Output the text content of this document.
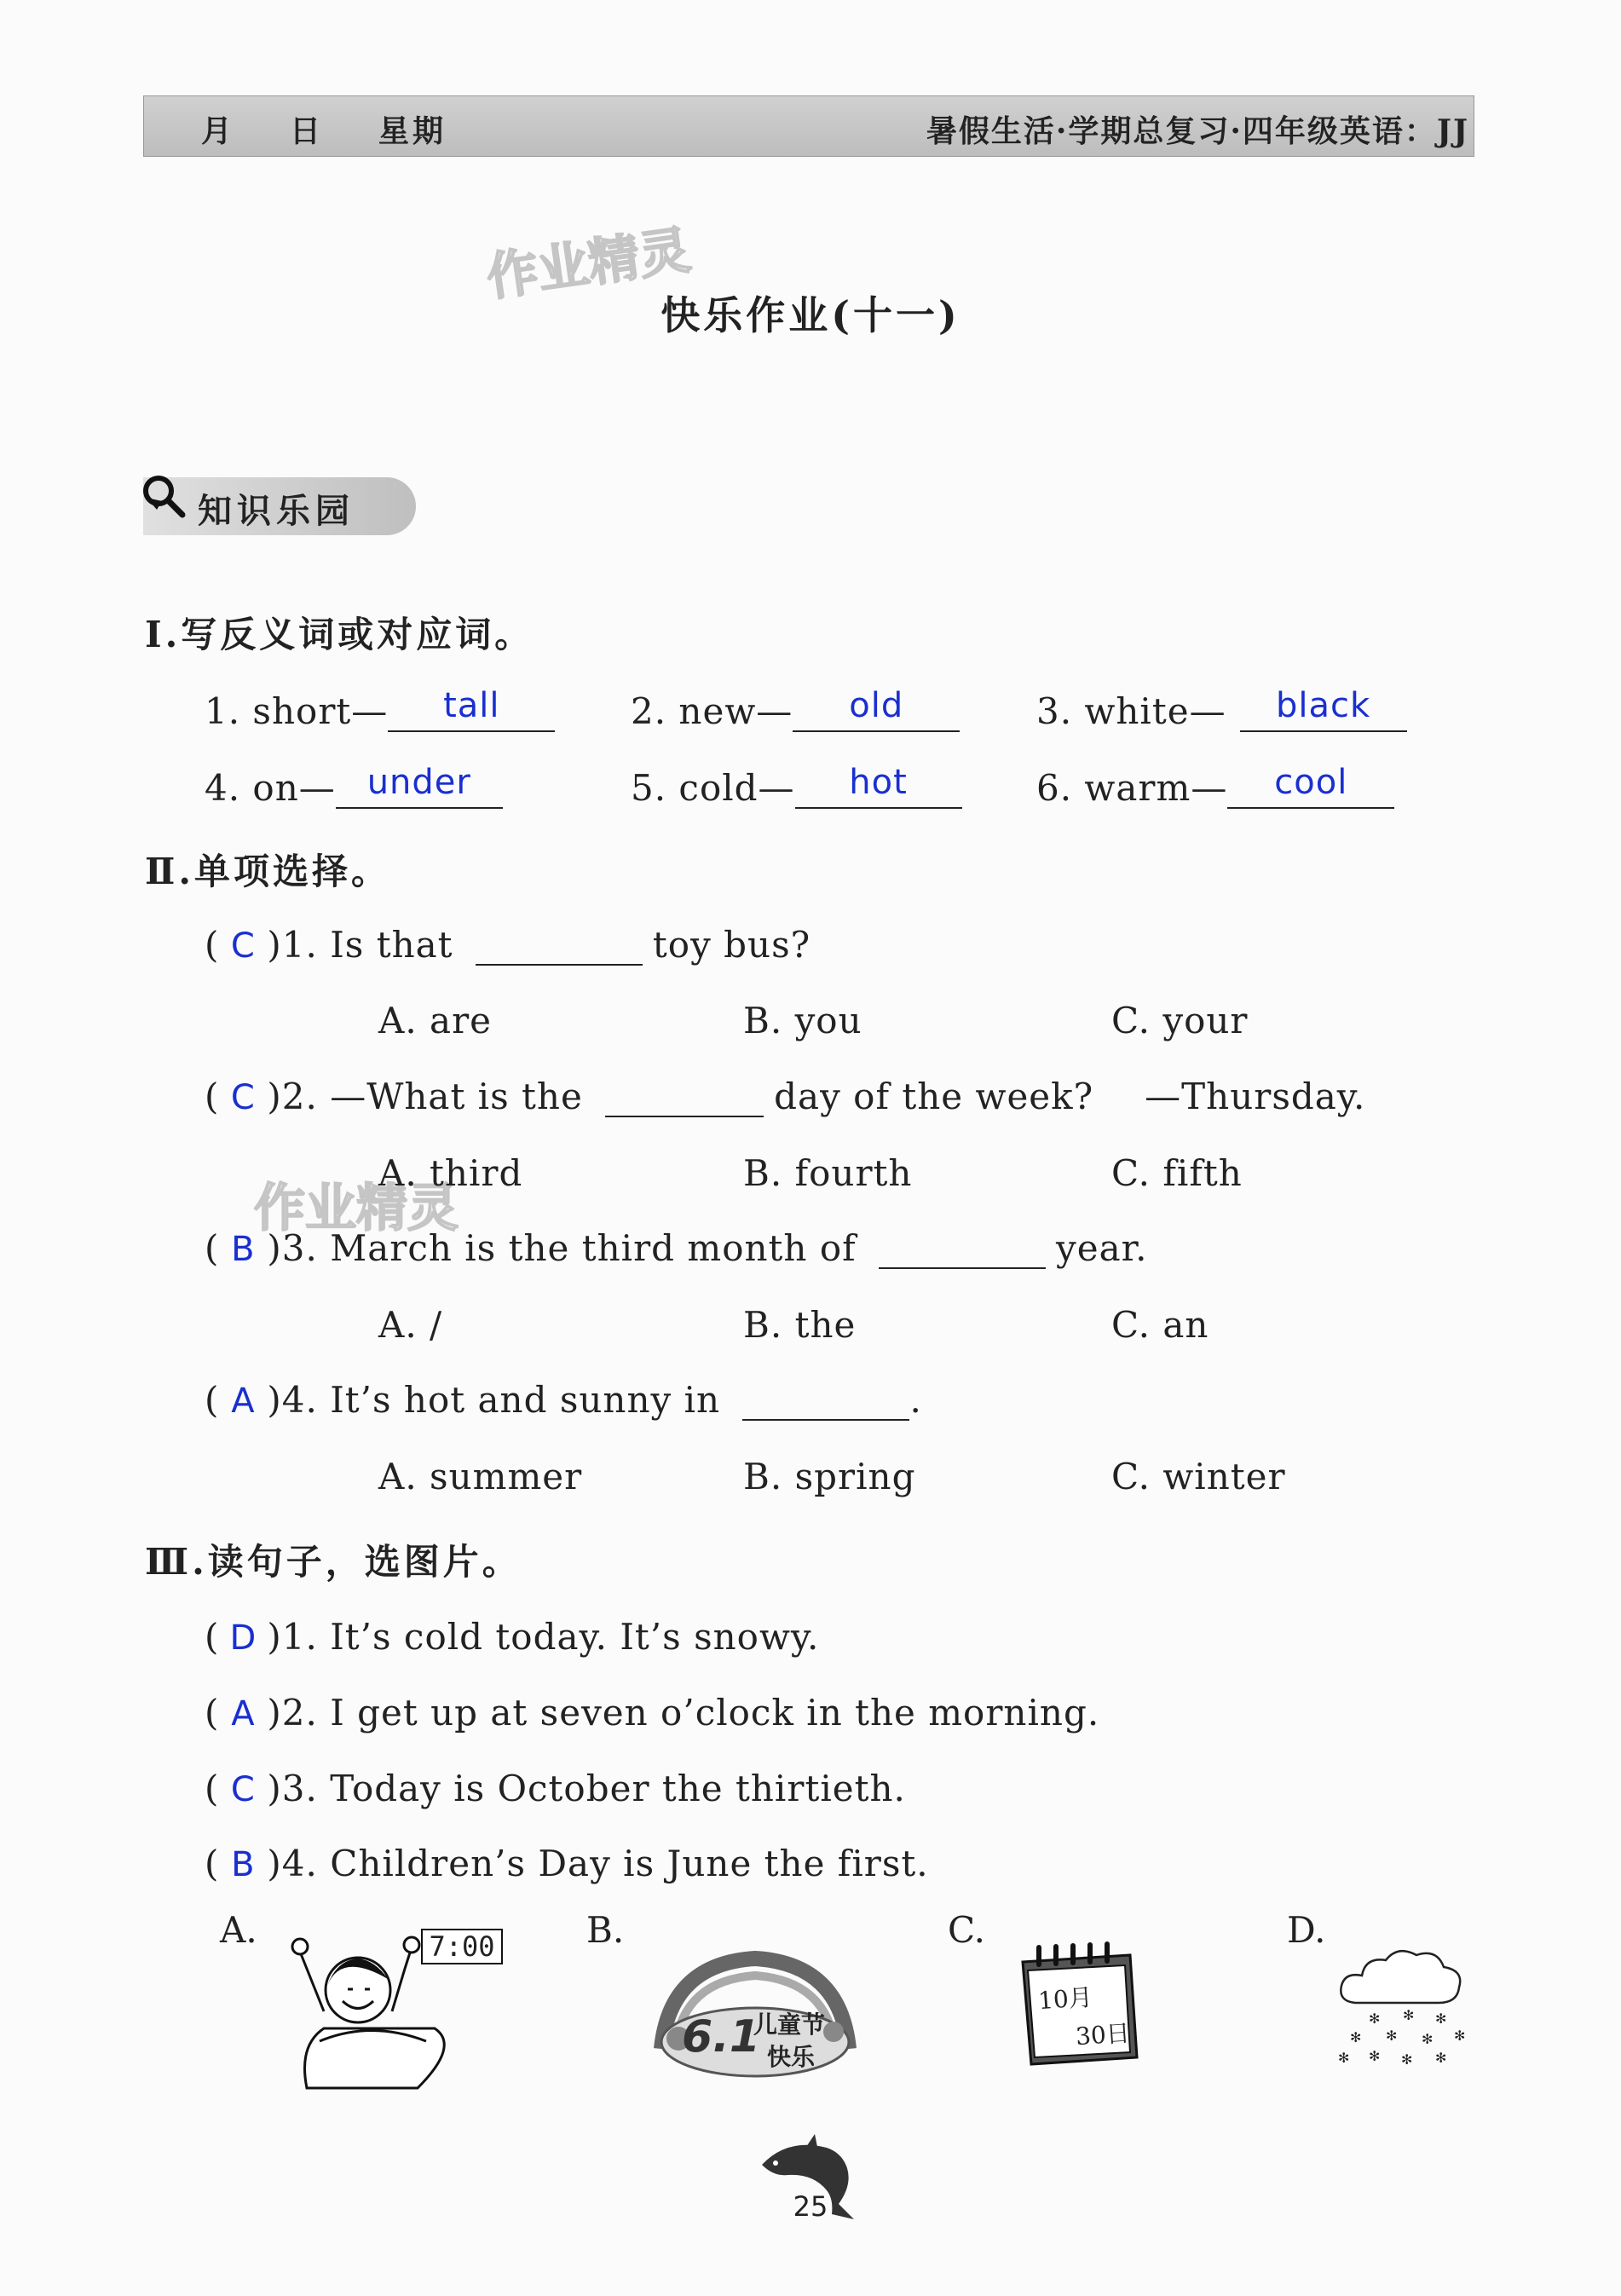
月 日 星期	暑假生活·学期总复习·四年级英语：JJ
作业精灵
作业精灵
快乐作业(十一)
知识乐园
Ⅰ.写反义词或对应词。
1. short—	tall	2. new—	old	3. white—	black
4. on— under	5. cold—	hot	6. warm—	cool
Ⅱ.单项选择。
( C )1. Is that	toy bus?
A. are	B. you	C. your
( C )2. —What is the	day of the week? —Thursday.
A. third	B. fourth	C. fifth
( B )3. March is the third month of	year.
A. /	B. the	C. an
( A )4. It’s hot and sunny in	.
A. summer	B. spring	C. winter
Ⅲ.读句子，选图片。
( D )1. It’s cold today. It’s snowy.
( A )2. I get up at seven o’clock in the morning.
( C )3. Today is October the thirtieth.
( B )4. Children’s Day is June the first.
A.	7:00	B.
6.1
儿童节
快乐
C.
10月
30日
D.
✻ ✻ ✻
✻ ✻ ✻ ✻
✻ ✻ ✻ ✻
25
